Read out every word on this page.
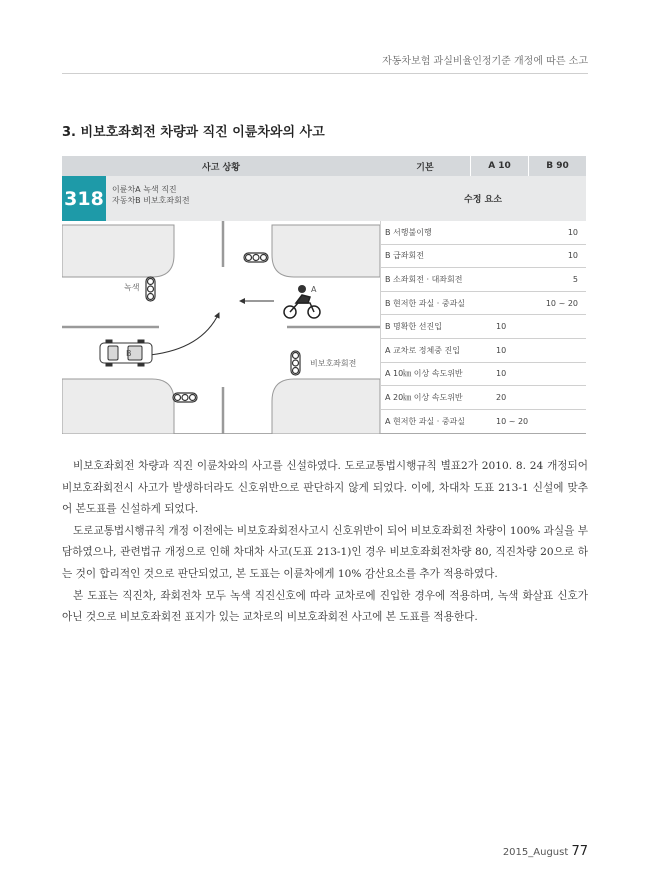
자동차보험 과실비율인정기준 개정에 따른 소고
3. 비보호좌회전 차량과 직진 이륜차와의 사고
사고 상황	기본	A 10	B 90
318 이륜차A 녹색 직진
자동차B 비보호좌회전	수정 요소
녹색
비보호좌회전
A
B
B 서행불이행	10
B 급좌회전	10
B 소좌회전 · 대좌회전	5
B 현저한 과실 · 중과실	10 ~ 20
B 명확한 선진입	10
A 교차로 정체중 진입	10
A 10㎞ 이상 속도위반	10
A 20㎞ 이상 속도위반	20
A 현저한 과실 · 중과실	10 ~ 20

비보호좌회전 차량과 직진 이륜차와의 사고를 신설하였다. 도로교통법시행규칙 별표2가 2010. 8. 24 개정되어 비보호좌회전시 사고가 발생하더라도 신호위반으로 판단하지 않게 되었다. 이에, 차대차 도표 213-1 신설에 맞추어 본도표를 신설하게 되었다.

도로교통법시행규칙 개정 이전에는 비보호좌회전사고시 신호위반이 되어 비보호좌회전 차량이 100% 과실을 부담하였으나, 관련법규 개정으로 인해 차대차 사고(도표 213-1)인 경우 비보호좌회전차량 80, 직진차량 20으로 하는 것이 합리적인 것으로 판단되었고, 본 도표는 이륜차에게 10% 감산요소를 추가 적용하였다.

본 도표는 직진차, 좌회전차 모두 녹색 직진신호에 따라 교차로에 진입한 경우에 적용하며, 녹색 화살표 신호가 아닌 것으로 비보호좌회전 표지가 있는 교차로의 비보호좌회전 사고에 본 도표를 적용한다.

2015_August 77
